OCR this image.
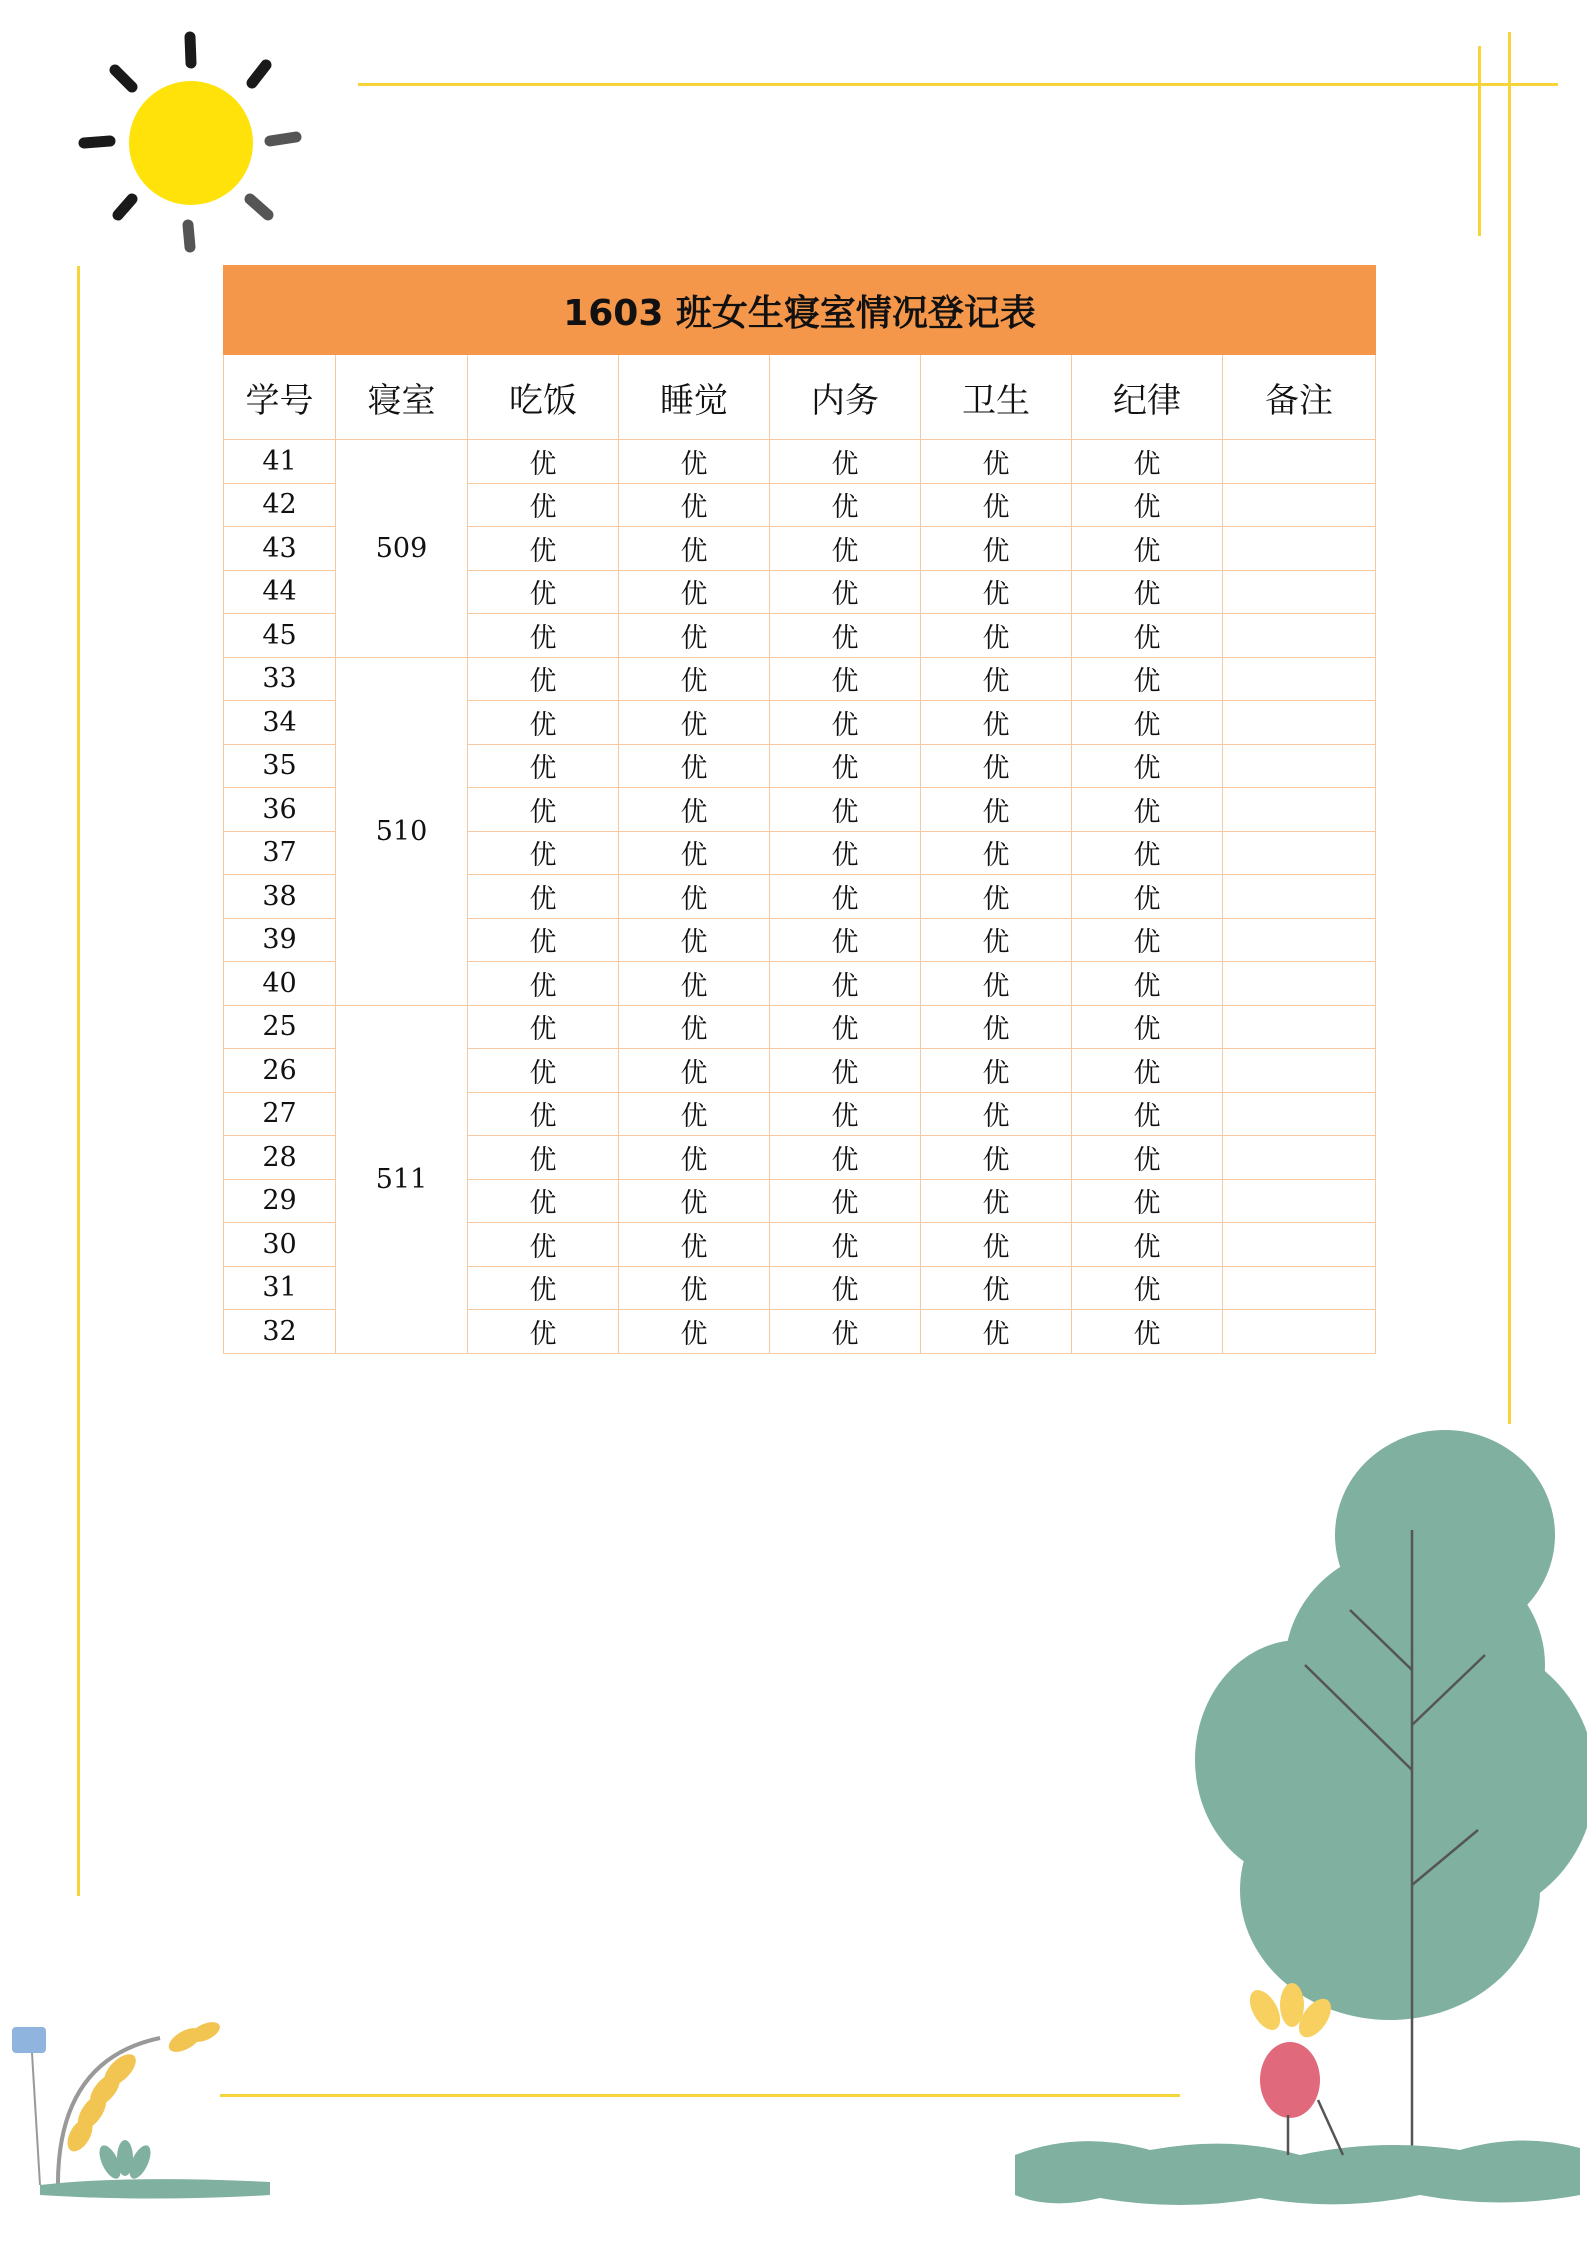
1603 班女生寝室情况登记表							
学号	寝室	吃饭	睡觉	内务	卫生	纪律	备注
41	509	优	优	优	优	优	
42		优	优	优	优	优	
43		优	优	优	优	优	
44		优	优	优	优	优	
45		优	优	优	优	优	
33	510	优	优	优	优	优	
34		优	优	优	优	优	
35		优	优	优	优	优	
36		优	优	优	优	优	
37		优	优	优	优	优	
38		优	优	优	优	优	
39		优	优	优	优	优	
40		优	优	优	优	优	
25	511	优	优	优	优	优	
26		优	优	优	优	优	
27		优	优	优	优	优	
28		优	优	优	优	优	
29		优	优	优	优	优	
30		优	优	优	优	优	
31		优	优	优	优	优	
32		优	优	优	优	优	
